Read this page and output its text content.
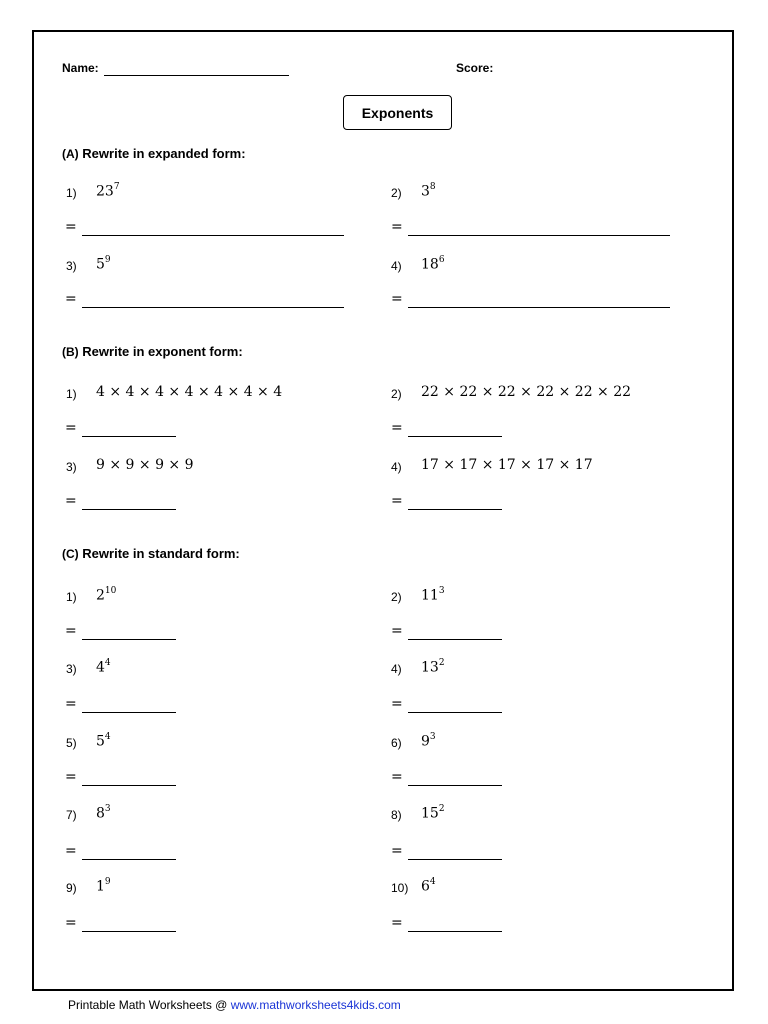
Name:	Score:
Exponents
(A) Rewrite in expanded form:
1) $23^7$	2) $3^8$
=	=
3) $5^9$	4) $18^6$
=	=
(B) Rewrite in exponent form:
1) 4 × 4 × 4 × 4 × 4 × 4 × 4	2) 22 × 22 × 22 × 22 × 22 × 22
=	=
3) 9 × 9 × 9 × 9	4) 17 × 17 × 17 × 17 × 17
=	=
(C) Rewrite in standard form:
1) $2^{10}$	2) $11^3$
=	=
3) $4^4$	4) $13^2$
=	=
5) $5^4$	6) $9^3$
=	=
7) $8^3$	8) $15^2$
=	=
9) $1^9$	10) $6^4$
=	=
Printable Math Worksheets @ www.mathworksheets4kids.com
